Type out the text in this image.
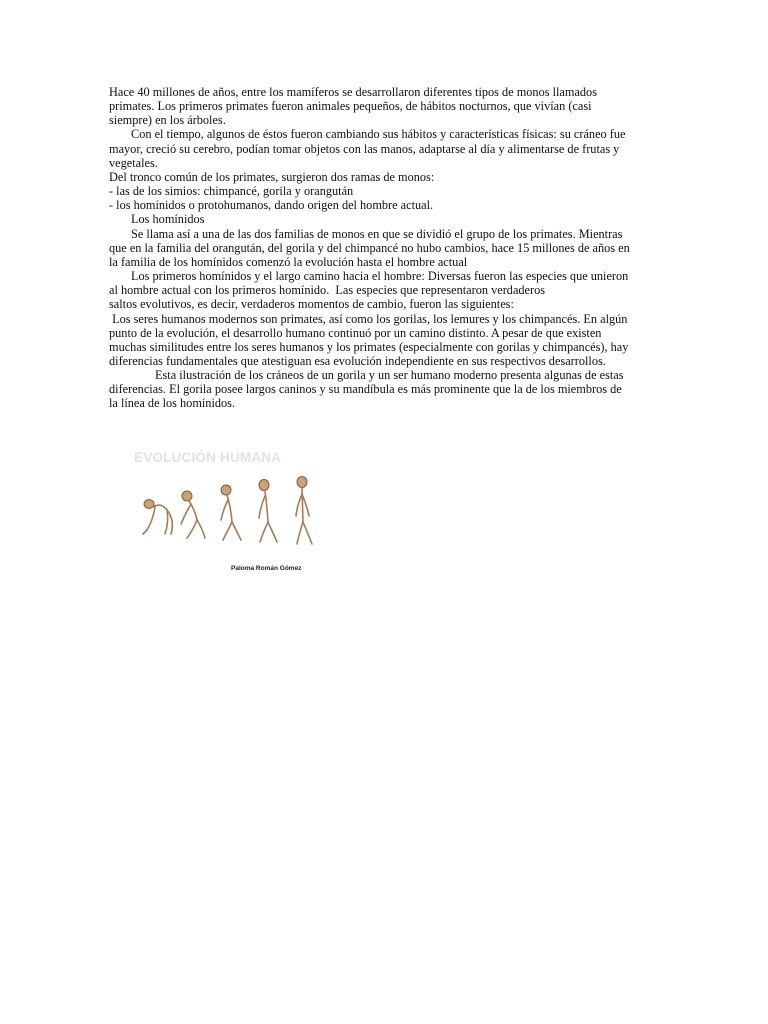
Hace 40 millones de años, entre los mamíferos se desarrollaron diferentes tipos de monos llamados
primates. Los primeros primates fueron animales pequeños, de hábitos nocturnos, que vivían (casi
siempre) en los árboles.
Con el tiempo, algunos de éstos fueron cambiando sus hábitos y características físicas: su cráneo fue
mayor, creció su cerebro, podían tomar objetos con las manos, adaptarse al día y alimentarse de frutas y
vegetales.
Del tronco común de los primates, surgieron dos ramas de monos:
- las de los simios: chimpancé, gorila y orangután
- los homínidos o protohumanos, dando origen del hombre actual.
Los homínidos
Se llama así a una de las dos familias de monos en que se dividió el grupo de los primates. Mientras
que en la familia del orangután, del gorila y del chimpancé no hubo cambios, hace 15 millones de años en
la familia de los homínidos comenzó la evolución hasta el hombre actual
Los primeros homínidos y el largo camino hacia el hombre: Diversas fueron las especies que unieron
al hombre actual con los primeros homínido.  Las especies que representaron verdaderos
saltos evolutivos, es decir, verdaderos momentos de cambio, fueron las siguientes:
Los seres humanos modernos son primates, así como los gorilas, los lemures y los chimpancés. En algún
punto de la evolución, el desarrollo humano continuó por un camino distinto. A pesar de que existen
muchas similitudes entre los seres humanos y los primates (especialmente con gorilas y chimpancés), hay
diferencias fundamentales que atestiguan esa evolución independiente en sus respectivos desarrollos.
Esta ilustración de los cráneos de un gorila y un ser humano moderno presenta algunas de estas
diferencias. El gorila posee largos caninos y su mandíbula es más prominente que la de los miembros de
la línea de los homínidos.
EVOLUCIÓN HUMANA
Paloma Román Gómez
